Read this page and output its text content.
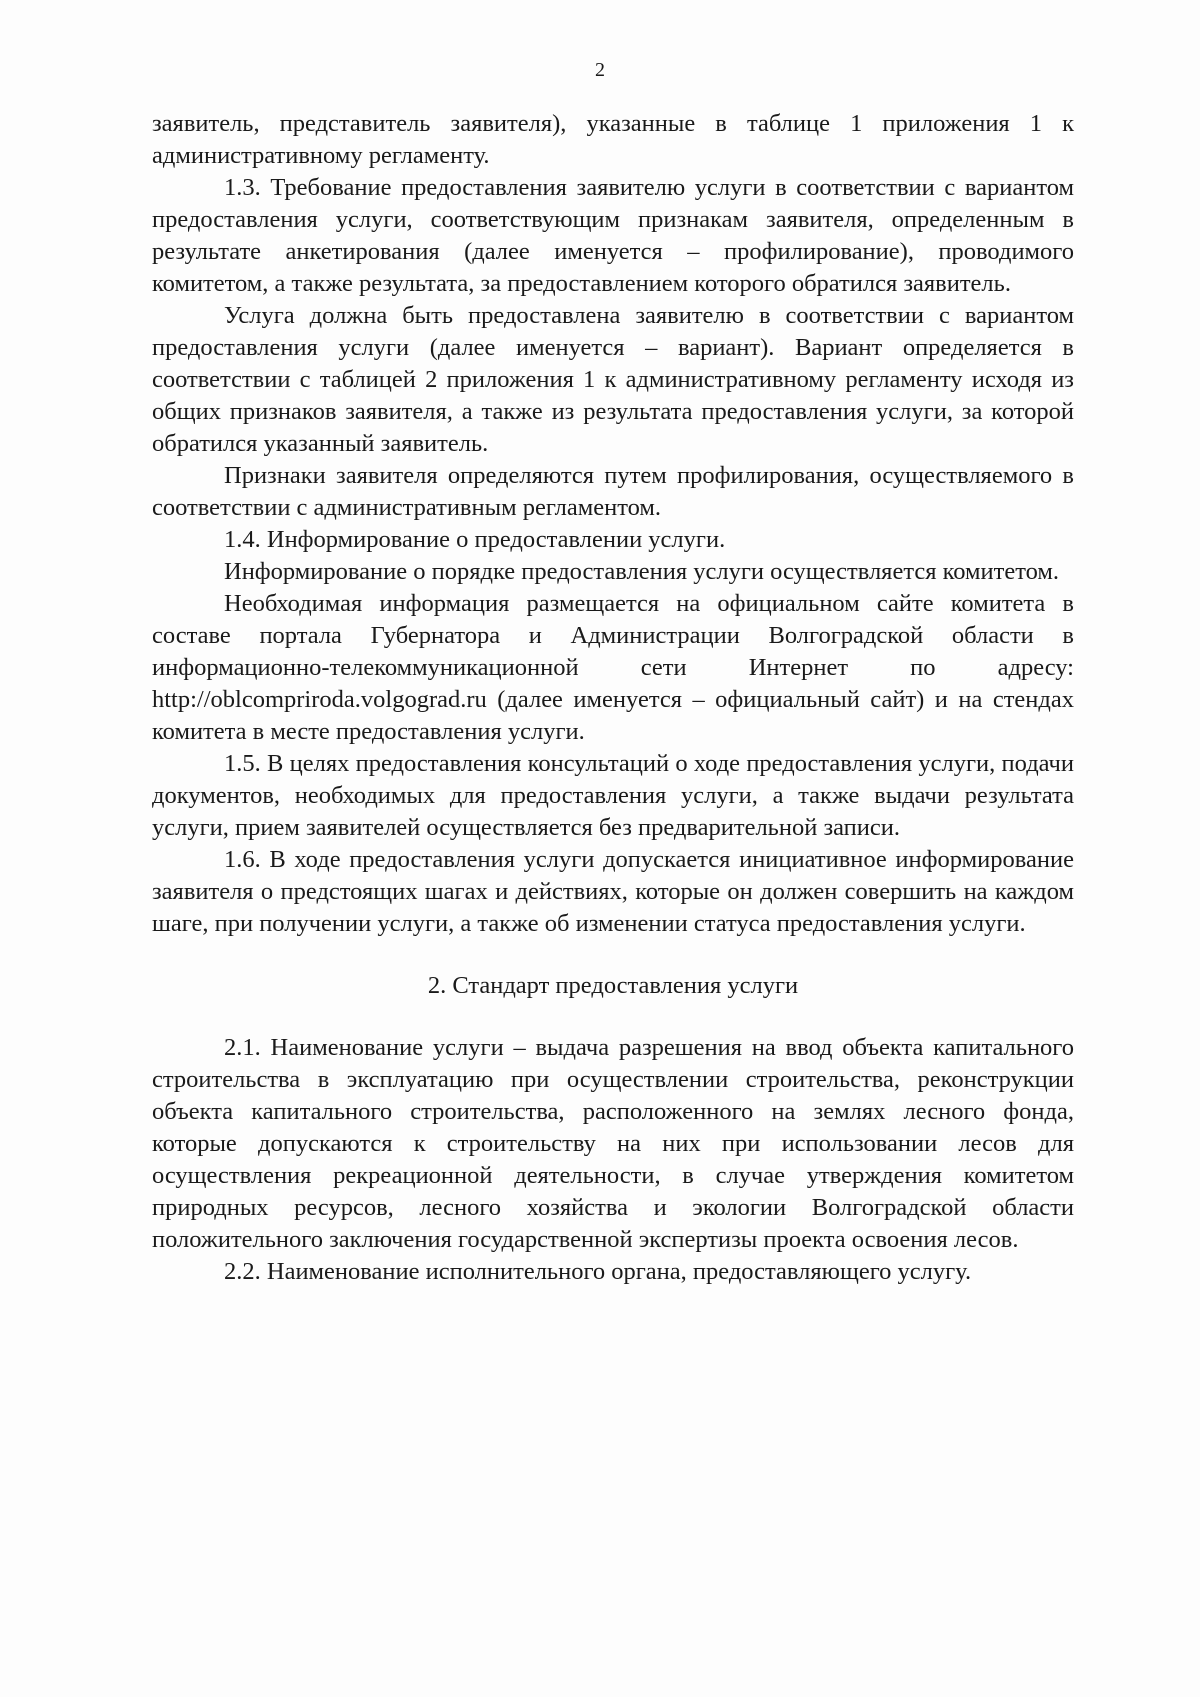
2

заявитель, представитель заявителя), указанные в таблице 1 приложения 1 к административному регламенту.

1.3. Требование предоставления заявителю услуги в соответствии с вариантом предоставления услуги, соответствующим признакам заявителя, определенным в результате анкетирования (далее именуется – профилирование), проводимого комитетом, а также результата, за предоставлением которого обратился заявитель.

Услуга должна быть предоставлена заявителю в соответствии с вариантом предоставления услуги (далее именуется – вариант). Вариант определяется в соответствии с таблицей 2 приложения 1 к административному регламенту исходя из общих признаков заявителя, а также из результата предоставления услуги, за которой обратился указанный заявитель.

Признаки заявителя определяются путем профилирования, осуществляемого в соответствии с административным регламентом.

1.4. Информирование о предоставлении услуги.

Информирование о порядке предоставления услуги осуществляется комитетом.

Необходимая информация размещается на официальном сайте комитета в составе портала Губернатора и Администрации Волгоградской области в информационно-телекоммуникационной сети Интернет по адресу: http://oblcompriroda.volgograd.ru (далее именуется – официальный сайт) и на стендах комитета в месте предоставления услуги.

1.5. В целях предоставления консультаций о ходе предоставления услуги, подачи документов, необходимых для предоставления услуги, а также выдачи результата услуги, прием заявителей осуществляется без предварительной записи.

1.6. В ходе предоставления услуги допускается инициативное информирование заявителя о предстоящих шагах и действиях, которые он должен совершить на каждом шаге, при получении услуги, а также об изменении статуса предоставления услуги.

2. Стандарт предоставления услуги

2.1. Наименование услуги – выдача разрешения на ввод объекта капитального строительства в эксплуатацию при осуществлении строительства, реконструкции объекта капитального строительства, расположенного на землях лесного фонда, которые допускаются к строительству на них при использовании лесов для осуществления рекреационной деятельности, в случае утверждения комитетом природных ресурсов, лесного хозяйства и экологии Волгоградской области положительного заключения государственной экспертизы проекта освоения лесов.

2.2. Наименование исполнительного органа, предоставляющего услугу.
